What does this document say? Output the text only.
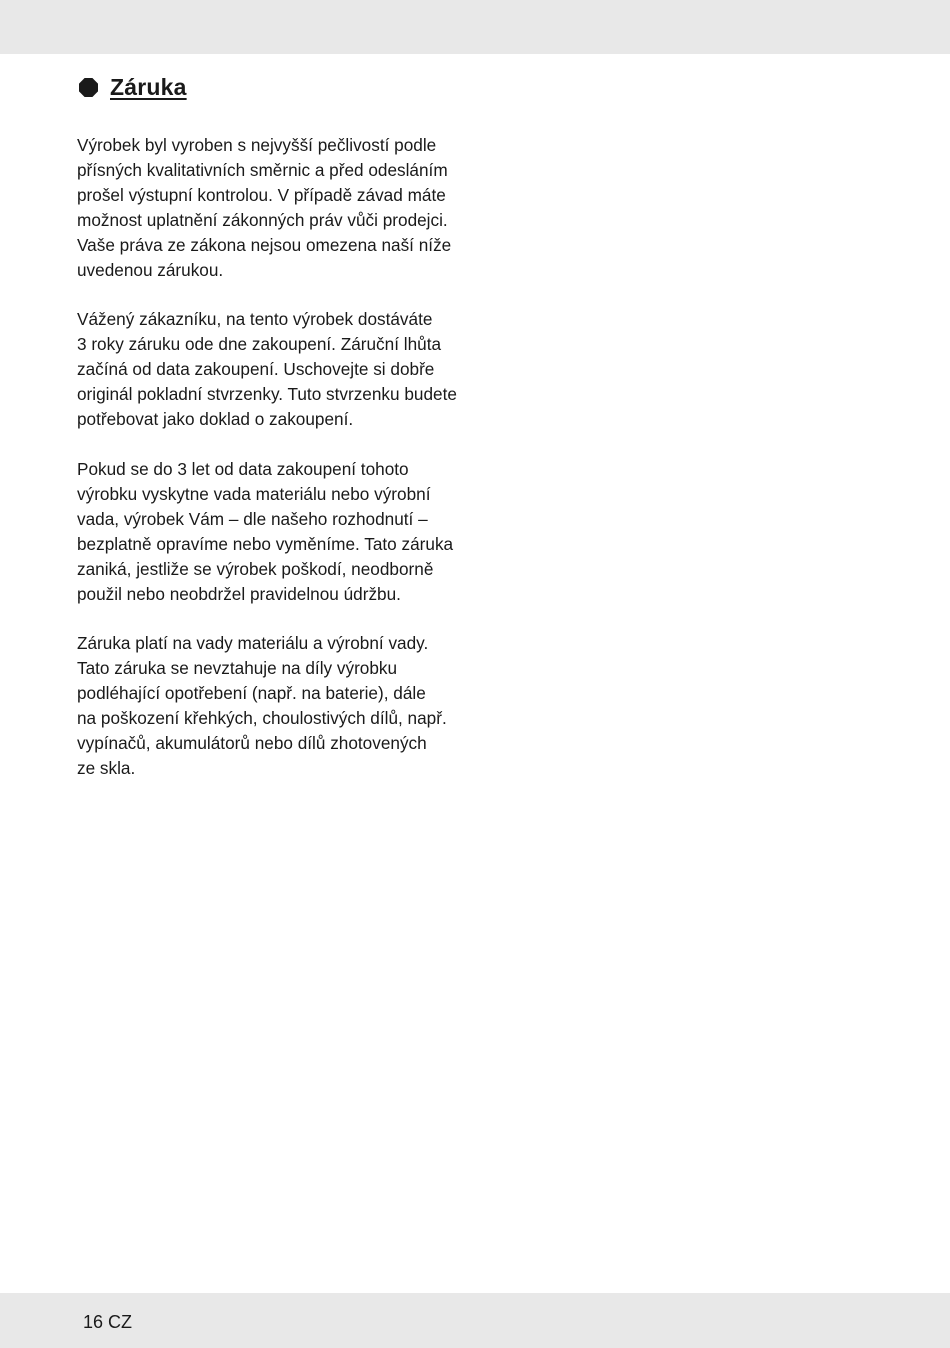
Záruka

Výrobek byl vyroben s nejvyšší pečlivostí podle
přísných kvalitativních směrnic a před odesláním
prošel výstupní kontrolou. V případě závad máte
možnost uplatnění zákonných práv vůči prodejci.
Vaše práva ze zákona nejsou omezena naší níže
uvedenou zárukou.

Vážený zákazníku, na tento výrobek dostáváte
3 roky záruku ode dne zakoupení. Záruční lhůta
začíná od data zakoupení. Uschovejte si dobře
originál pokladní stvrzenky. Tuto stvrzenku budete
potřebovat jako doklad o zakoupení.

Pokud se do 3 let od data zakoupení tohoto
výrobku vyskytne vada materiálu nebo výrobní
vada, výrobek Vám – dle našeho rozhodnutí –
bezplatně opravíme nebo vyměníme. Tato záruka
zaniká, jestliže se výrobek poškodí, neodborně
použil nebo neobdržel pravidelnou údržbu.

Záruka platí na vady materiálu a výrobní vady.
Tato záruka se nevztahuje na díly výrobku
podléhající opotřebení (např. na baterie), dále
na poškození křehkých, choulostivých dílů, např.
vypínačů, akumulátorů nebo dílů zhotovených
ze skla.

16 CZ
